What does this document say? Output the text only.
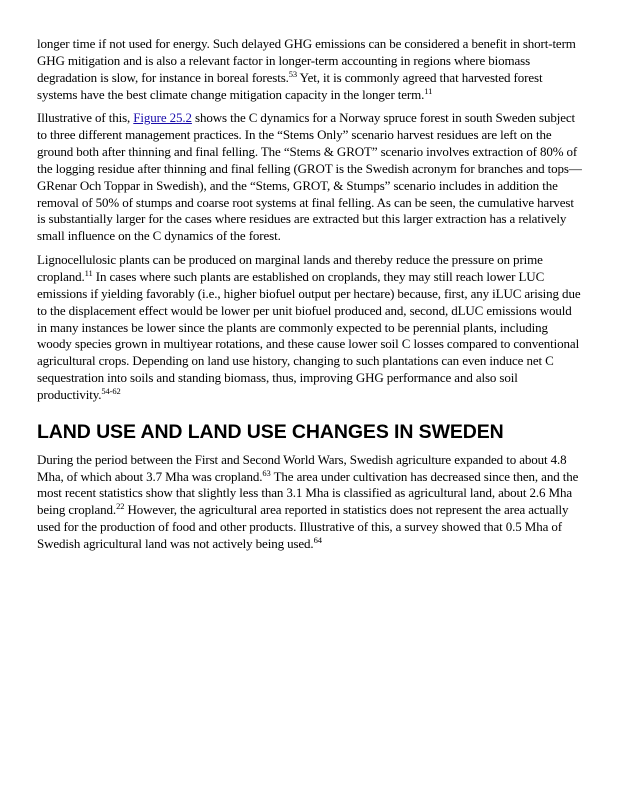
longer time if not used for energy. Such delayed GHG emissions can be considered a benefit in short-term GHG mitigation and is also a relevant factor in longer-term accounting in regions where biomass degradation is slow, for instance in boreal forests.$^{53}$ Yet, it is commonly agreed that harvested forest systems have the best climate change mitigation capacity in the longer term.$^{11}$

Illustrative of this, Figure 25.2 shows the C dynamics for a Norway spruce forest in south Sweden subject to three different management practices. In the “Stems Only” scenario harvest residues are left on the ground both after thinning and final felling. The “Stems & GROT” scenario involves extraction of 80% of the logging residue after thinning and final felling (GROT is the Swedish acronym for branches and tops—GRenar Och Toppar in Swedish), and the “Stems, GROT, & Stumps” scenario includes in addition the removal of 50% of stumps and coarse root systems at final felling. As can be seen, the cumulative harvest is substantially larger for the cases where residues are extracted but this larger extraction has a relatively small influence on the C dynamics of the forest.

Lignocellulosic plants can be produced on marginal lands and thereby reduce the pressure on prime cropland.$^{11}$ In cases where such plants are established on croplands, they may still reach lower LUC emissions if yielding favorably (i.e., higher biofuel output per hectare) because, first, any iLUC arising due to the displacement effect would be lower per unit biofuel produced and, second, dLUC emissions would in many instances be lower since the plants are commonly expected to be perennial plants, including woody species grown in multiyear rotations, and these cause lower soil C losses compared to conventional agricultural crops. Depending on land use history, changing to such plantations can even induce net C sequestration into soils and standing biomass, thus, improving GHG performance and also soil productivity.$^{54-62}$

LAND USE AND LAND USE CHANGES IN SWEDEN

During the period between the First and Second World Wars, Swedish agriculture expanded to about 4.8 Mha, of which about 3.7 Mha was cropland.$^{63}$ The area under cultivation has decreased since then, and the most recent statistics show that slightly less than 3.1 Mha is classified as agricultural land, about 2.6 Mha being cropland.$^{22}$ However, the agricultural area reported in statistics does not represent the area actually used for the production of food and other products. Illustrative of this, a survey showed that 0.5 Mha of Swedish agricultural land was not actively being used.$^{64}$
